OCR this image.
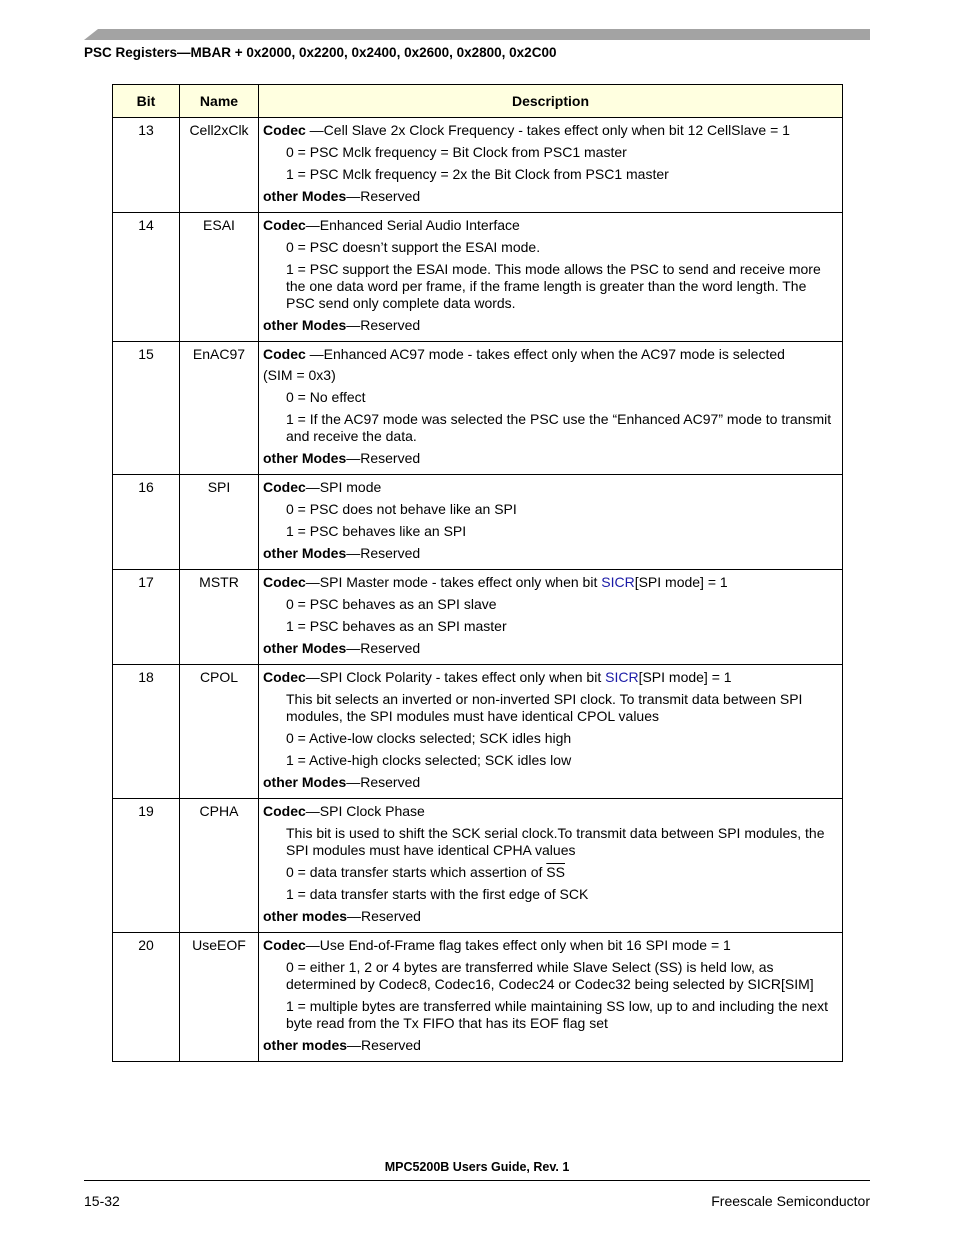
PSC Registers—MBAR + 0x2000, 0x2200, 0x2400, 0x2600, 0x2800, 0x2C00
Bit	Name	Description
13	Cell2xClk	Codec —Cell Slave 2x Clock Frequency - takes effect only when bit 12 CellSlave = 1

0 = PSC Mclk frequency = Bit Clock from PSC1 master

1 = PSC Mclk frequency = 2x the Bit Clock from PSC1 master

other Modes—Reserved

14	ESAI	Codec—Enhanced Serial Audio Interface

0 = PSC doesn’t support the ESAI mode.

1 = PSC support the ESAI mode. This mode allows the PSC to send and receive more the one data word per frame, if the frame length is greater than the word length. The PSC send only complete data words.

other Modes—Reserved

15	EnAC97	Codec —Enhanced AC97 mode - takes effect only when the AC97 mode is selected

(SIM = 0x3)

0 = No effect

1 = If the AC97 mode was selected the PSC use the “Enhanced AC97” mode to transmit and receive the data.

other Modes—Reserved

16	SPI	Codec—SPI mode

0 = PSC does not behave like an SPI

1 = PSC behaves like an SPI

other Modes—Reserved

17	MSTR	Codec—SPI Master mode - takes effect only when bit SICR[SPI mode] = 1

0 = PSC behaves as an SPI slave

1 = PSC behaves as an SPI master

other Modes—Reserved

18	CPOL	Codec—SPI Clock Polarity - takes effect only when bit SICR[SPI mode] = 1

This bit selects an inverted or non-inverted SPI clock. To transmit data between SPI modules, the SPI modules must have identical CPOL values

0 = Active-low clocks selected; SCK idles high

1 = Active-high clocks selected; SCK idles low

other Modes—Reserved

19	CPHA	Codec—SPI Clock Phase

This bit is used to shift the SCK serial clock.To transmit data between SPI modules, the SPI modules must have identical CPHA values

0 = data transfer starts which assertion of $\overline{SS}$

1 = data transfer starts with the first edge of SCK

other modes—Reserved

20	UseEOF	Codec—Use End-of-Frame flag takes effect only when bit 16 SPI mode = 1

0 = either 1, 2 or 4 bytes are transferred while Slave Select (SS) is held low, as determined by Codec8, Codec16, Codec24 or Codec32 being selected by SICR[SIM]

1 = multiple bytes are transferred while maintaining SS low, up to and including the next byte read from the Tx FIFO that has its EOF flag set

other modes—Reserved

MPC5200B Users Guide, Rev. 1
15-32	Freescale Semiconductor
